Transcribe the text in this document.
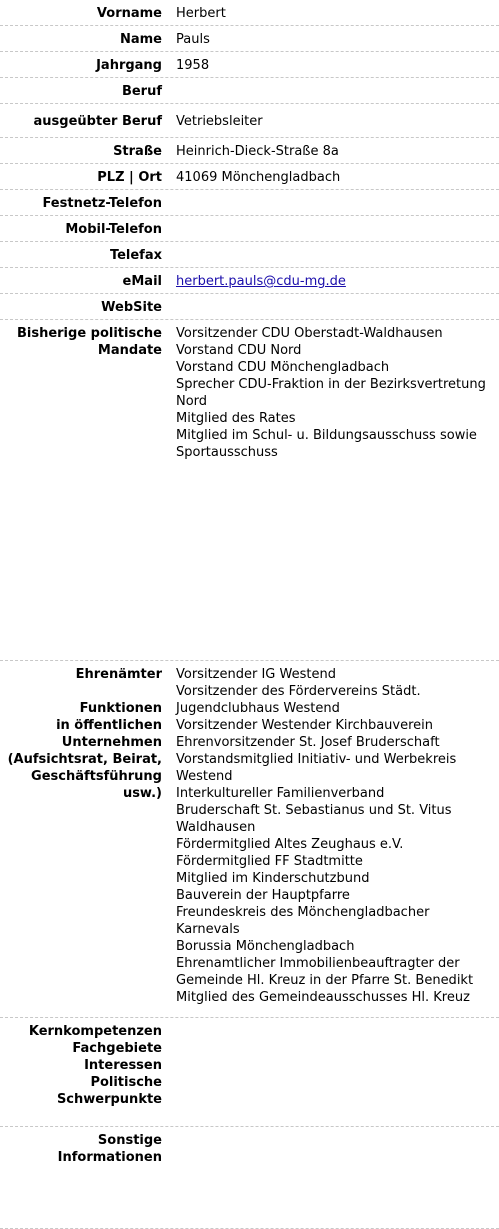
Vorname Herbert
Name Pauls
Jahrgang 1958
Beruf
ausgeübter Beruf Vetriebsleiter
Straße Heinrich-Dieck-Straße 8a
PLZ | Ort 41069 Mönchengladbach
Festnetz-Telefon
Mobil-Telefon
Telefax
eMail herbert.pauls@cdu-mg.de
WebSite
Bisherige politische
Mandate
Vorsitzender CDU Oberstadt-Waldhausen
Vorstand CDU Nord
Vorstand CDU Mönchengladbach
Sprecher CDU-Fraktion in der Bezirksvertretung
Nord
Mitglied des Rates
Mitglied im Schul- u. Bildungsausschuss sowie
Sportausschuss
Ehrenämter
Funktionen
in öffentlichen
Unternehmen
(Aufsichtsrat, Beirat,
Geschäftsführung
usw.)
Vorsitzender IG Westend
Vorsitzender des Fördervereins Städt.
Jugendclubhaus Westend
Vorsitzender Westender Kirchbauverein
Ehrenvorsitzender St. Josef Bruderschaft
Vorstandsmitglied Initiativ- und Werbekreis
Westend
Interkultureller Familienverband
Bruderschaft St. Sebastianus und St. Vitus
Waldhausen
Fördermitglied Altes Zeughaus e.V.
Fördermitglied FF Stadtmitte
Mitglied im Kinderschutzbund
Bauverein der Hauptpfarre
Freundeskreis des Mönchengladbacher
Karnevals
Borussia Mönchengladbach
Ehrenamtlicher Immobilienbeauftragter der
Gemeinde Hl. Kreuz in der Pfarre St. Benedikt
Mitglied des Gemeindeausschusses Hl. Kreuz
Kernkompetenzen
Fachgebiete
Interessen
Politische
Schwerpunkte
Sonstige
Informationen
